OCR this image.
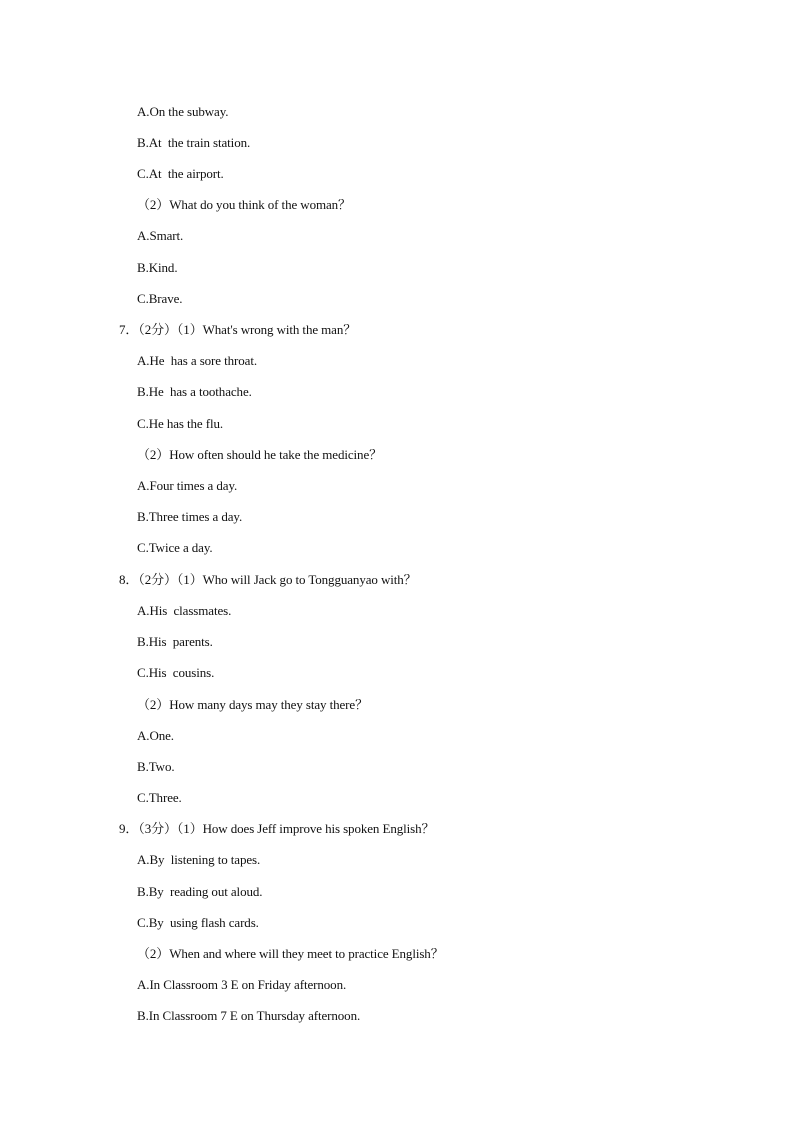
A.On the subway.
B.At  the train station.
C.At  the airport.
（2）What do you think of the woman？
A.Smart.
B.Kind.
C.Brave.
7．（2分）（1）What's wrong with the man？
A.He  has a sore throat.
B.He  has a toothache.
C.He has the flu.
（2）How often should he take the medicine？
A.Four times a day.
B.Three times a day.
C.Twice a day.
8．（2分）（1）Who will Jack go to Tongguanyao with？
A.His  classmates.
B.His  parents.
C.His  cousins.
（2）How many days may they stay there？
A.One.
B.Two.
C.Three.
9．（3分）（1）How does Jeff improve his spoken English？
A.By  listening to tapes.
B.By  reading out aloud.
C.By  using flash cards.
（2）When and where will they meet to practice English？
A.In Classroom 3 E on Friday afternoon.
B.In Classroom 7 E on Thursday afternoon.
